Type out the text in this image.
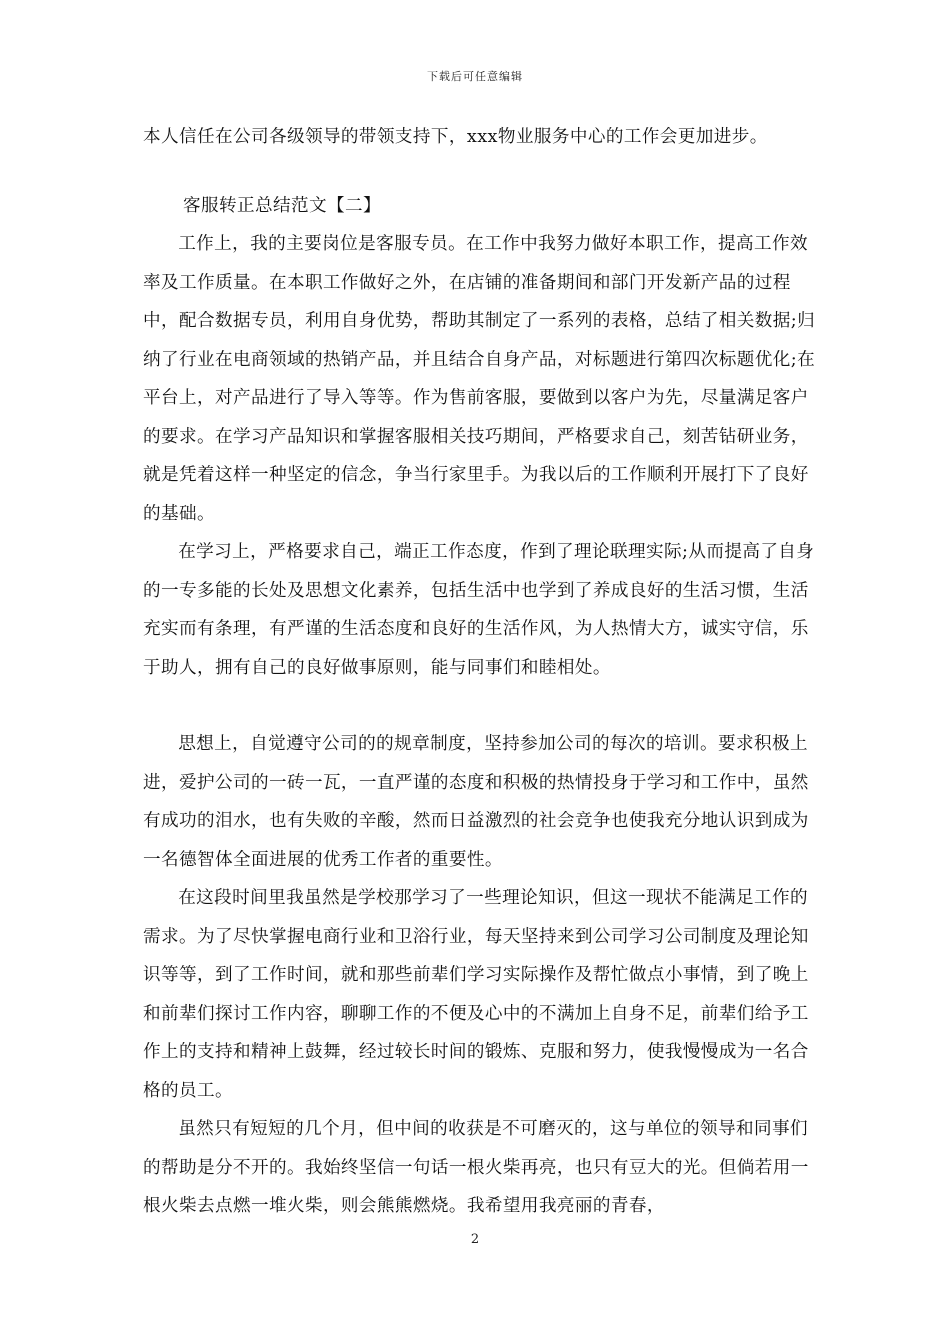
下载后可任意编辑

本人信任在公司各级领导的带领支持下，xxx物业服务中心的工作会更加进步。

客服转正总结范文【二】

工作上，我的主要岗位是客服专员。在工作中我努力做好本职工作，提高工作效率及工作质量。在本职工作做好之外，在店铺的准备期间和部门开发新产品的过程中，配合数据专员，利用自身优势，帮助其制定了一系列的表格，总结了相关数据;归纳了行业在电商领域的热销产品，并且结合自身产品，对标题进行第四次标题优化;在平台上，对产品进行了导入等等。作为售前客服，要做到以客户为先，尽量满足客户的要求。在学习产品知识和掌握客服相关技巧期间，严格要求自己，刻苦钻研业务，就是凭着这样一种坚定的信念，争当行家里手。为我以后的工作顺利开展打下了良好的基础。

在学习上，严格要求自己，端正工作态度，作到了理论联理实际;从而提高了自身的一专多能的长处及思想文化素养，包括生活中也学到了养成良好的生活习惯，生活充实而有条理，有严谨的生活态度和良好的生活作风，为人热情大方，诚实守信，乐于助人，拥有自己的良好做事原则，能与同事们和睦相处。

思想上，自觉遵守公司的的规章制度，坚持参加公司的每次的培训。要求积极上进，爱护公司的一砖一瓦，一直严谨的态度和积极的热情投身于学习和工作中，虽然有成功的泪水，也有失败的辛酸，然而日益激烈的社会竞争也使我充分地认识到成为一名德智体全面进展的优秀工作者的重要性。

在这段时间里我虽然是学校那学习了一些理论知识，但这一现状不能满足工作的需求。为了尽快掌握电商行业和卫浴行业，每天坚持来到公司学习公司制度及理论知识等等，到了工作时间，就和那些前辈们学习实际操作及帮忙做点小事情，到了晚上和前辈们探讨工作内容，聊聊工作的不便及心中的不满加上自身不足，前辈们给予工作上的支持和精神上鼓舞，经过较长时间的锻炼、克服和努力，使我慢慢成为一名合格的员工。

虽然只有短短的几个月，但中间的收获是不可磨灭的，这与单位的领导和同事们的帮助是分不开的。我始终坚信一句话一根火柴再亮，也只有豆大的光。但倘若用一根火柴去点燃一堆火柴，则会熊熊燃烧。我希望用我亮丽的青春，

2
